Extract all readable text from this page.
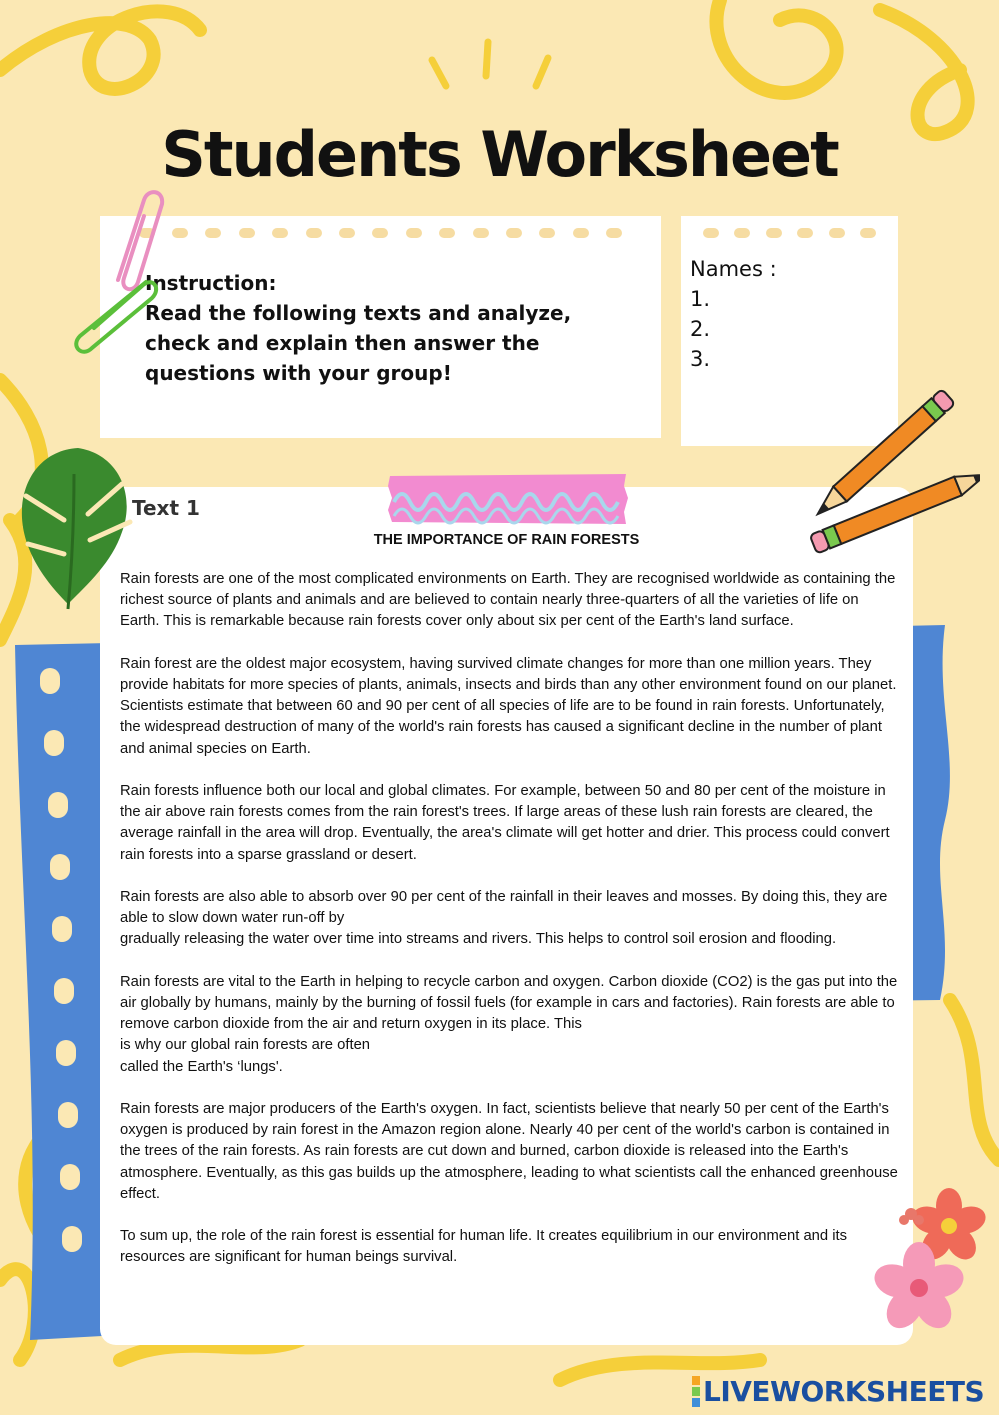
Students Worksheet
Instruction:
Read the following texts and analyze, check and explain then answer the questions with your group!
Names :
1.
2.
3.
Text 1
THE IMPORTANCE OF RAIN FORESTS

Rain forests are one of the most complicated environments on Earth. They are recognised worldwide as containing the richest source of plants and animals and are believed to contain nearly three-quarters of all the varieties of life on Earth. This is remarkable because rain forests cover only about six per cent of the Earth's land surface.

Rain forest are the oldest major ecosystem, having survived climate changes for more than one million years. They provide habitats for more species of plants, animals, insects and birds than any other environment found on our planet. Scientists estimate that between 60 and 90 per cent of all species of life are to be found in rain forests. Unfortunately, the widespread destruction of many of the world's rain forests has caused a significant decline in the number of plant and animal species on Earth.

Rain forests influence both our local and global climates. For example, between 50 and 80 per cent of the moisture in the air above rain forests comes from the rain forest's trees. If large areas of these lush rain forests are cleared, the average rainfall in the area will drop. Eventually, the area's climate will get hotter and drier. This process could convert rain forests into a sparse grassland or desert.

Rain forests are also able to absorb over 90 per cent of the rainfall in their leaves and mosses. By doing this, they are able to slow down water run-off by
gradually releasing the water over time into streams and rivers. This helps to control soil erosion and flooding.

Rain forests are vital to the Earth in helping to recycle carbon and oxygen. Carbon dioxide (CO2) is the gas put into the air globally by humans, mainly by the burning of fossil fuels (for example in cars and factories). Rain forests are able to remove carbon dioxide from the air and return oxygen in its place. This
is why our global rain forests are often
called the Earth's ‘lungs'.

Rain forests are major producers of the Earth's oxygen. In fact, scientists believe that nearly 50 per cent of the Earth's oxygen is produced by rain forest in the Amazon region alone. Nearly 40 per cent of the world's carbon is contained in the trees of the rain forests. As rain forests are cut down and burned, carbon dioxide is released into the Earth's atmosphere. Eventually, as this gas builds up the atmosphere, leading to what scientists call the enhanced greenhouse effect.

To sum up, the role of the rain forest is essential for human life. It creates equilibrium in our environment and its resources are significant for human beings survival.

LIVEWORKSHEETS
